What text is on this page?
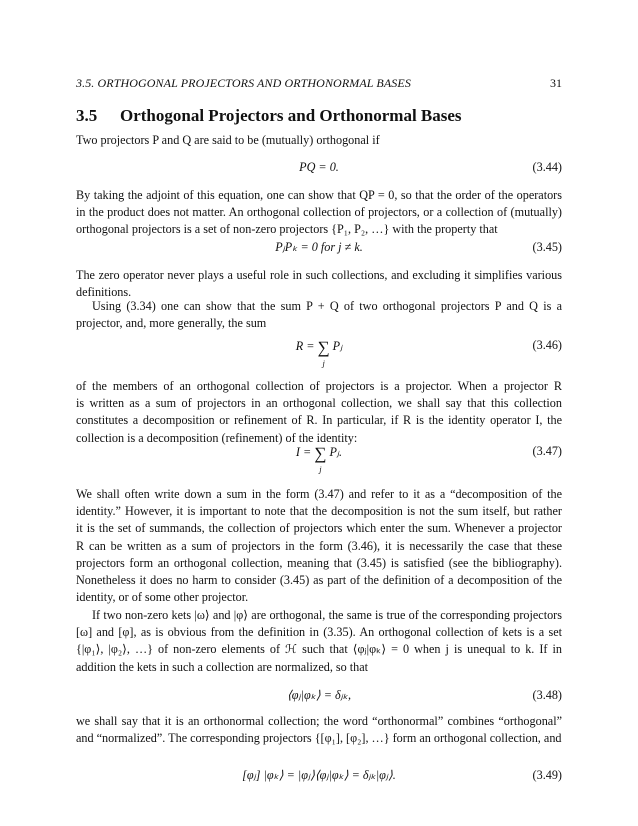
3.5. ORTHOGONAL PROJECTORS AND ORTHONORMAL BASES	31
3.5 Orthogonal Projectors and Orthonormal Bases
Two projectors P and Q are said to be (mutually) orthogonal if
PQ = 0.	(3.44)
By taking the adjoint of this equation, one can show that QP = 0, so that the order of the operators
in the product does not matter. An orthogonal collection of projectors, or a collection of (mutually)
orthogonal projectors is a set of non-zero projectors {P₁, P₂, …} with the property that
PⱼPₖ = 0 for j ≠ k.	(3.45)
The zero operator never plays a useful role in such collections, and excluding it simplifies various
definitions.
Using (3.34) one can show that the sum P + Q of two orthogonal projectors P and Q is a
projector, and, more generally, the sum
R = ∑
j
Pⱼ	(3.46)
of the members of an orthogonal collection of projectors is a projector. When a projector R
is written as a sum of projectors in an orthogonal collection, we shall say that this collection
constitutes a decomposition or refinement of R. In particular, if R is the identity operator I, the
collection is a decomposition (refinement) of the identity:
I = ∑
j
Pⱼ.	(3.47)
We shall often write down a sum in the form (3.47) and refer to it as a “decomposition of the
identity.” However, it is important to note that the decomposition is not the sum itself, but rather
it is the set of summands, the collection of projectors which enter the sum. Whenever a projector
R can be written as a sum of projectors in the form (3.46), it is necessarily the case that these
projectors form an orthogonal collection, meaning that (3.45) is satisfied (see the bibliography).
Nonetheless it does no harm to consider (3.45) as part of the definition of a decomposition of the
identity, or of some other projector.
If two non-zero kets |ω⟩ and |φ⟩ are orthogonal, the same is true of the corresponding projectors
[ω] and [φ], as is obvious from the definition in (3.35). An orthogonal collection of kets is a set
{|φ₁⟩, |φ₂⟩, …} of non-zero elements of ℋ such that ⟨φⱼ|φₖ⟩ = 0 when j is unequal to k. If in
addition the kets in such a collection are normalized, so that
⟨φⱼ|φₖ⟩ = δⱼₖ,	(3.48)
we shall say that it is an orthonormal collection; the word “orthonormal” combines “orthogonal”
and “normalized”. The corresponding projectors {[φ₁], [φ₂], …} form an orthogonal collection, and
[φⱼ] |φₖ⟩ = |φⱼ⟩⟨φⱼ|φₖ⟩ = δⱼₖ|φⱼ⟩.	(3.49)
